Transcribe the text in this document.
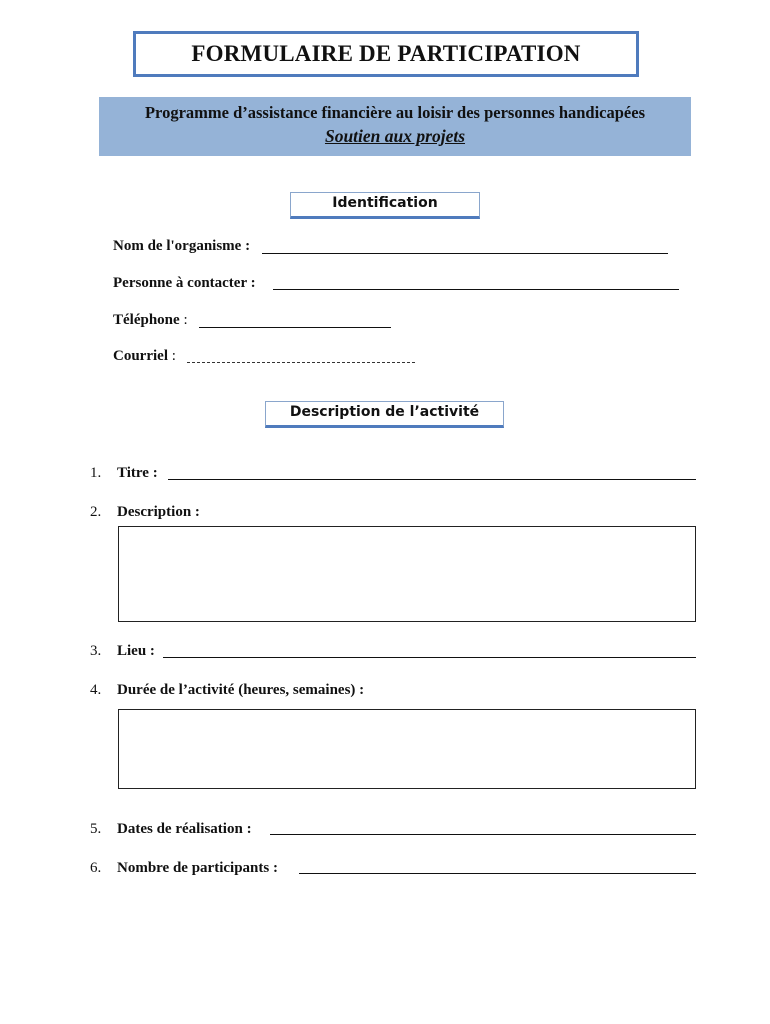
FORMULAIRE DE PARTICIPATION
Programme d’assistance financière au loisir des personnes handicapées
Soutien aux projets
Identification
Nom de l'organisme :
Personne à contacter :
Téléphone :
Courriel :
Description de l’activité
1. Titre :
2. Description :
3. Lieu :
4. Durée de l’activité (heures, semaines) :
5. Dates de réalisation :
6. Nombre de participants :
